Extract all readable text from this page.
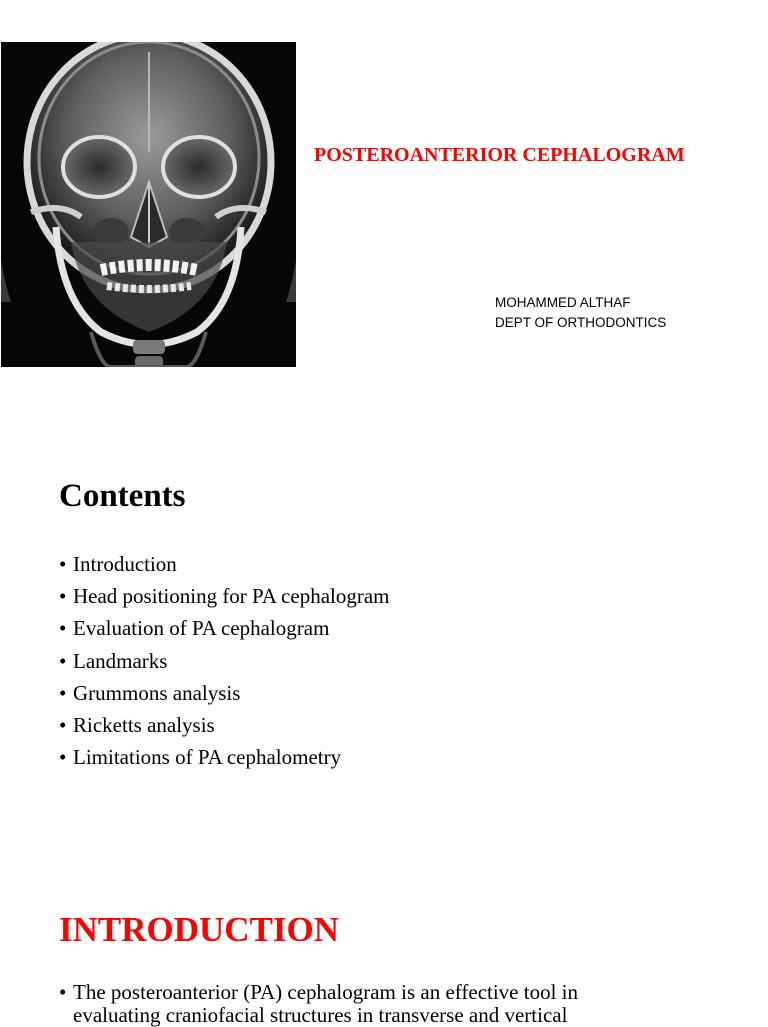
POSTEROANTERIOR CEPHALOGRAM
MOHAMMED ALTHAF
DEPT OF ORTHODONTICS
Contents
• Introduction
• Head positioning for PA cephalogram
• Evaluation of PA cephalogram
• Landmarks
• Grummons analysis
• Ricketts analysis
• Limitations of PA cephalometry
INTRODUCTION
• The posteroanterior (PA) cephalogram is an effective tool in evaluating craniofacial structures in transverse and vertical
